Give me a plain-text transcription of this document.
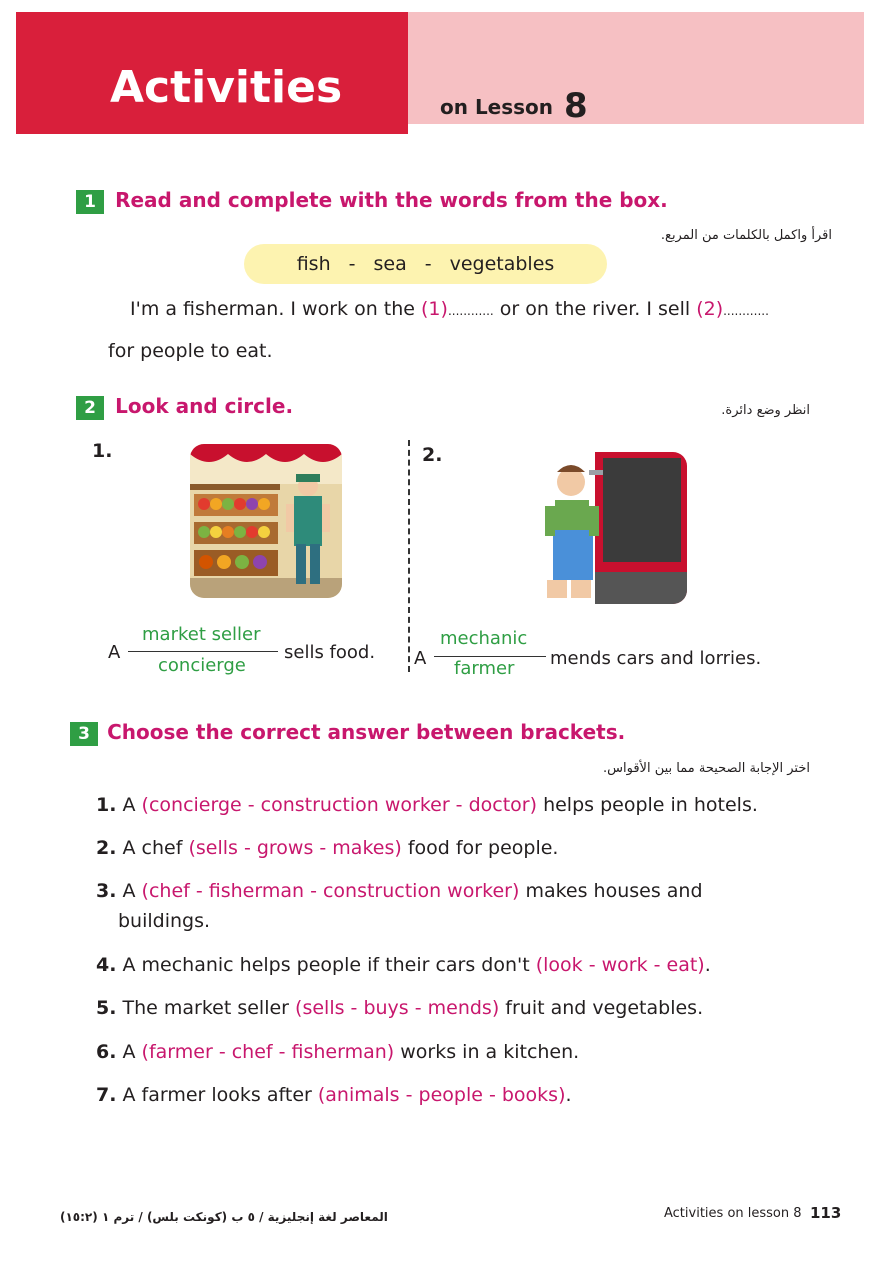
Activities	on Lesson 8
1 Read and complete with the words from the box.
اقرأ واكمل بالكلمات من المربع.
fish - sea - vegetables
I'm a fisherman. I work on the (1)............ or on the river. I sell (2)............
for people to eat.
2 Look and circle.	انظر وضع دائرة.
1.	2.
A
market seller
concierge
sells food. A
mechanic
farmer mends cars and lorries.
3 Choose the correct answer between brackets.
اختر الإجابة الصحيحة مما بين الأقواس.
1. A (concierge - construction worker - doctor) helps people in hotels.
2. A chef (sells - grows - makes) food for people.
3. A (chef - fisherman - construction worker) makes houses and
buildings.
4. A mechanic helps people if their cars don't (look - work - eat).
5. The market seller (sells - buys - mends) fruit and vegetables.
6. A (farmer - chef - fisherman) works in a kitchen.
7. A farmer looks after (animals - people - books).
المعاصر لغة إنجليزية / ٥ ب (كونكت بلس) / ترم ١ (١٥:٢)	Activities on lesson 8 113
